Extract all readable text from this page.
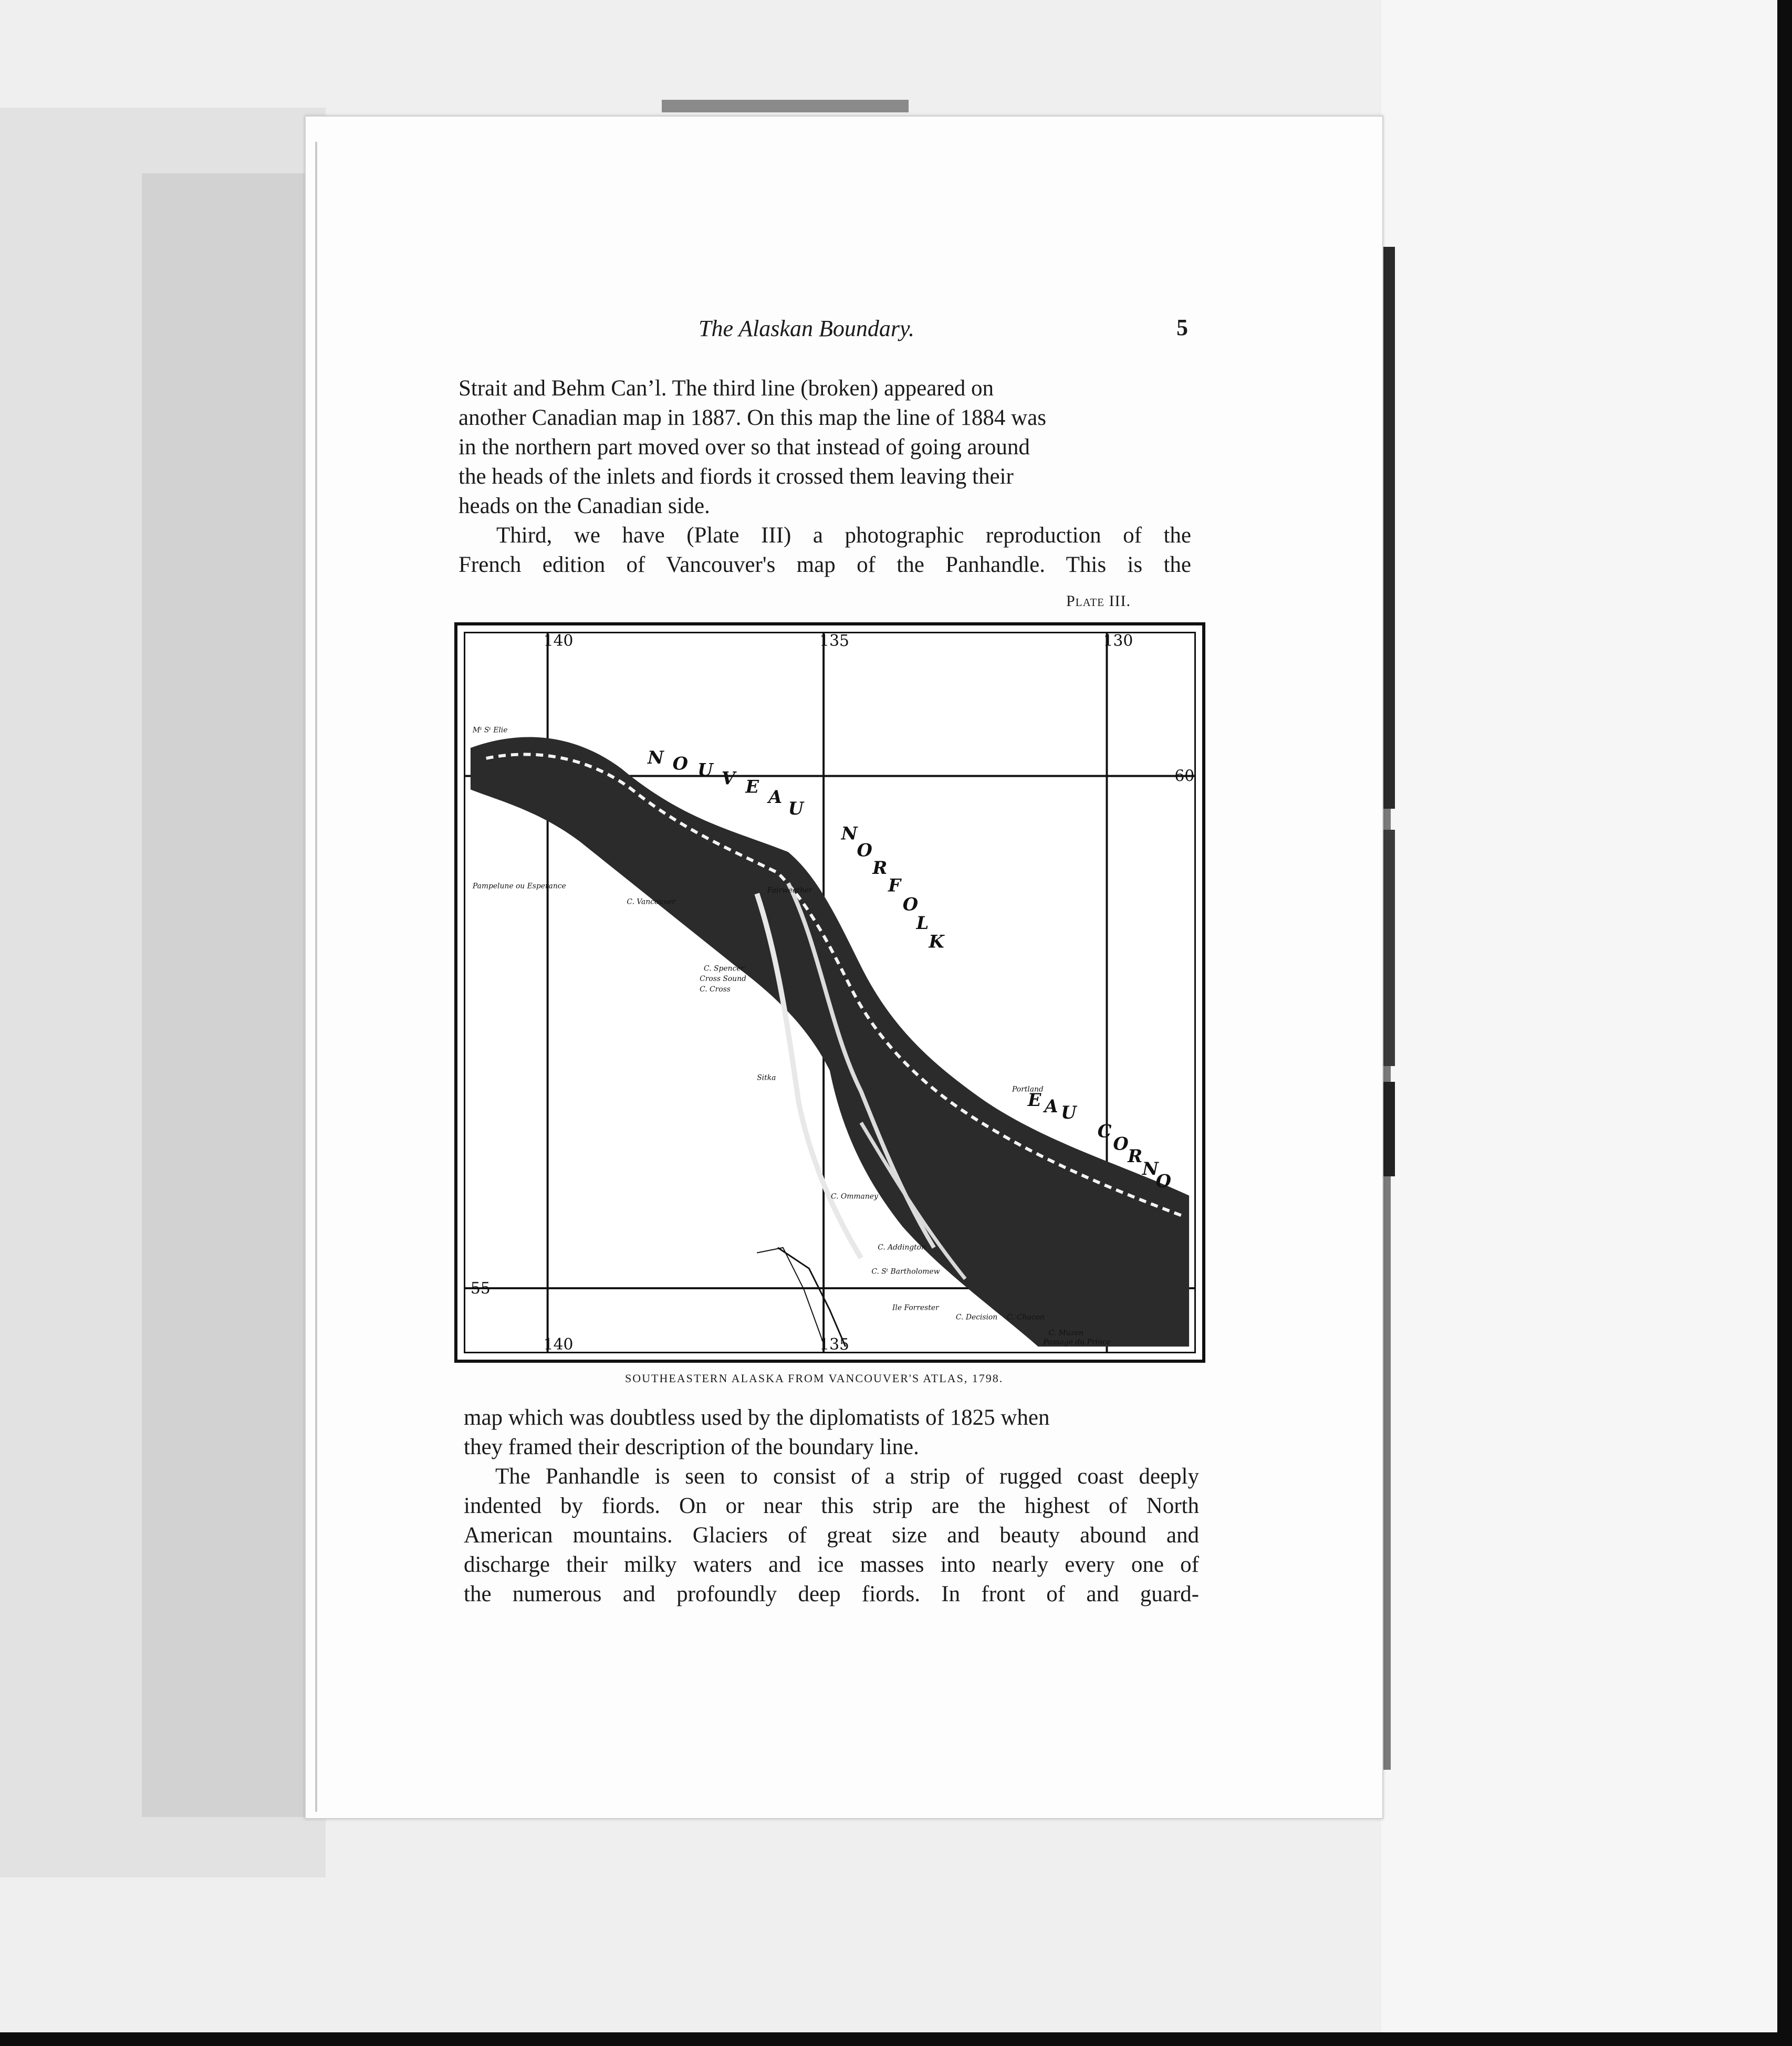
The Alaskan Boundary.	5
Strait and Behm Can’l. The third line (broken) appeared on
another Canadian map in 1887. On this map the line of 1884 was
in the northern part moved over so that instead of going around
the heads of the inlets and fiords it crossed them leaving their
heads on the Canadian side.
Third, we have (Plate III) a photographic reproduction of the
French edition of Vancouver's map of the Panhandle. This is the
Plate III.
140	135	130
140	135
60
55
N O U V E A
U
N
O
R
F
O
L
K
E A U
C
O
R
N
O
Mᵗ Sᵗ Elie
C. Vancouver
Cross Sound
C. Spencer
C. Cross
Pampelune ou Esperance	Fairweather
Sitka
C. Ommaney
C. Addington
C. Sᵗ Bartholomew
C. Decision C. Chacon
Ile Forrester
C. Muzon
Portland
Passage du Prince
SOUTHEASTERN ALASKA FROM VANCOUVER'S ATLAS, 1798.
map which was doubtless used by the diplomatists of 1825 when
they framed their description of the boundary line.
The Panhandle is seen to consist of a strip of rugged coast deeply
indented by fiords. On or near this strip are the highest of North
American mountains. Glaciers of great size and beauty abound and
discharge their milky waters and ice masses into nearly every one of
the numerous and profoundly deep fiords. In front of and guard-
